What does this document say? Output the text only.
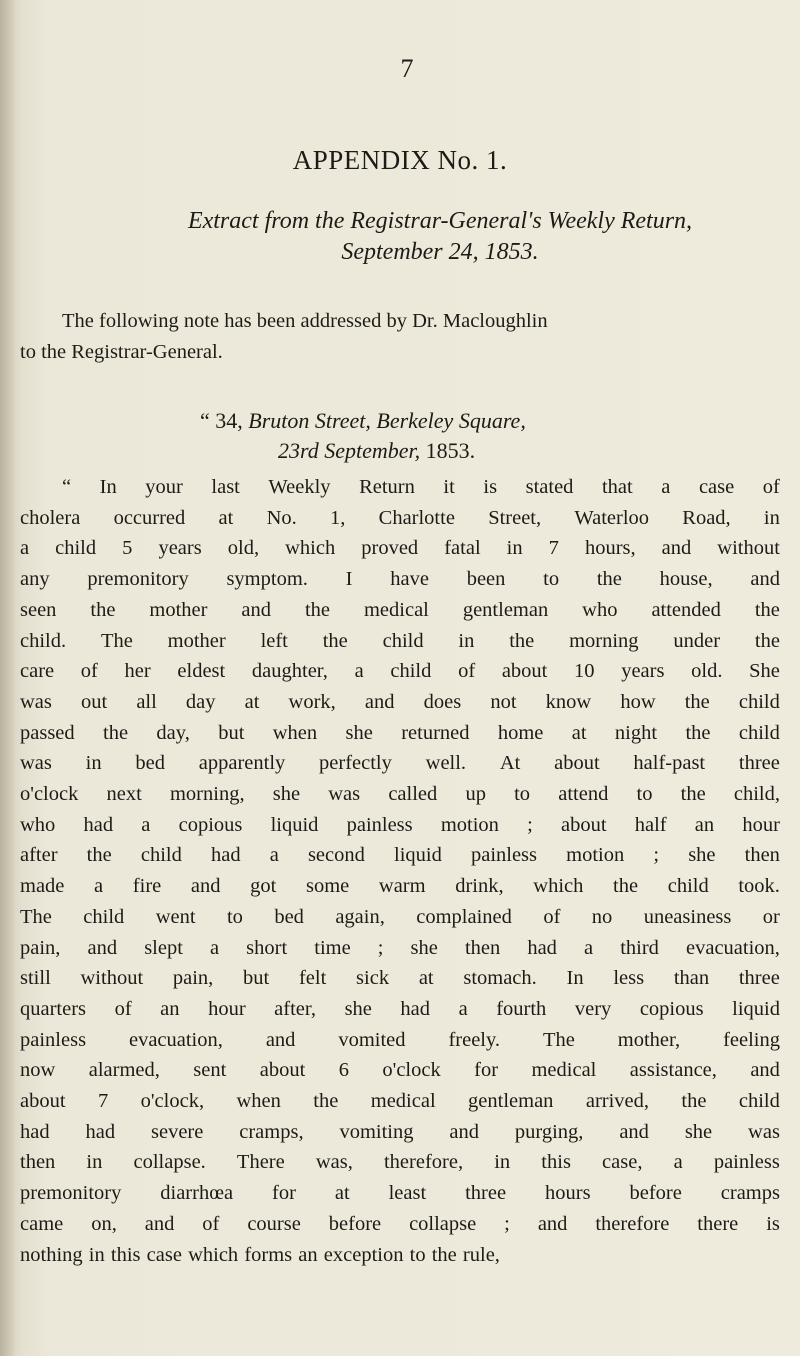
7
APPENDIX No. 1.
Extract from the Registrar-General's Weekly Return,
September 24, 1853.
The following note has been addressed by Dr. Macloughlin
to the Registrar-General.
“ 34, Bruton Street, Berkeley Square,
23rd September, 1853.
“ In your last Weekly Return it is stated that a case of
cholera occurred at No. 1, Charlotte Street, Waterloo Road, in
a child 5 years old, which proved fatal in 7 hours, and without
any premonitory symptom. I have been to the house, and
seen the mother and the medical gentleman who attended the
child. The mother left the child in the morning under the
care of her eldest daughter, a child of about 10 years old. She
was out all day at work, and does not know how the child
passed the day, but when she returned home at night the child
was in bed apparently perfectly well. At about half-past three
o'clock next morning, she was called up to attend to the child,
who had a copious liquid painless motion ; about half an hour
after the child had a second liquid painless motion ; she then
made a fire and got some warm drink, which the child took.
The child went to bed again, complained of no uneasiness or
pain, and slept a short time ; she then had a third evacuation,
still without pain, but felt sick at stomach. In less than three
quarters of an hour after, she had a fourth very copious liquid
painless evacuation, and vomited freely. The mother, feeling
now alarmed, sent about 6 o'clock for medical assistance, and
about 7 o'clock, when the medical gentleman arrived, the child
had had severe cramps, vomiting and purging, and she was
then in collapse. There was, therefore, in this case, a painless
premonitory diarrhœa for at least three hours before cramps
came on, and of course before collapse ; and therefore there is
nothing in this case which forms an exception to the rule,
